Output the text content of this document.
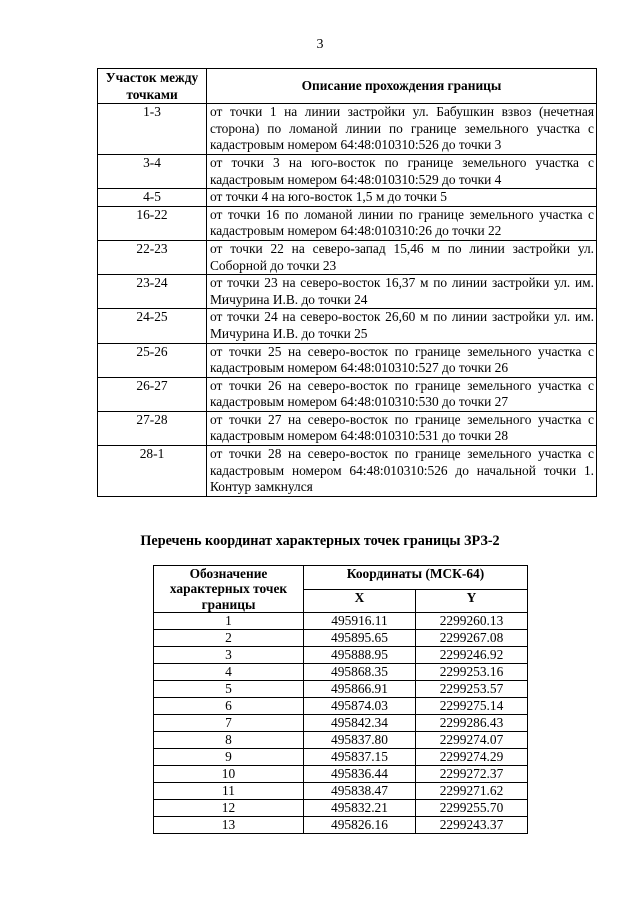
3
Участок между точками	Описание прохождения границы
1-3	от точки 1 на линии застройки ул. Бабушкин взвоз (нечетная сторона) по ломаной линии по границе земельного участка с кадастровым номером 64:48:010310:526 до точки 3
3-4	от точки 3 на юго-восток по границе земельного участка с кадастровым номером 64:48:010310:529 до точки 4
4-5	от точки 4 на юго-восток 1,5 м до точки 5
16-22	от точки 16 по ломаной линии по границе земельного участка с кадастровым номером 64:48:010310:26 до точки 22
22-23	от точки 22 на северо-запад 15,46 м по линии застройки ул. Соборной до точки 23
23-24	от точки 23 на северо-восток 16,37 м по линии застройки ул. им. Мичурина И.В. до точки 24
24-25	от точки 24 на северо-восток 26,60 м по линии застройки ул. им. Мичурина И.В. до точки 25
25-26	от точки 25 на северо-восток по границе земельного участка с кадастровым номером 64:48:010310:527 до точки 26
26-27	от точки 26 на северо-восток по границе земельного участка с кадастровым номером 64:48:010310:530 до точки 27
27-28	от точки 27 на северо-восток по границе земельного участка с кадастровым номером 64:48:010310:531 до точки 28
28-1	от точки 28 на северо-восток по границе земельного участка с кадастровым номером 64:48:010310:526 до начальной точки 1. Контур замкнулся
Перечень координат характерных точек границы ЗРЗ-2
Обозначение характерных точек границы	Координаты (МСК-64)	
	X	Y
1	495916.11	2299260.13
2	495895.65	2299267.08
3	495888.95	2299246.92
4	495868.35	2299253.16
5	495866.91	2299253.57
6	495874.03	2299275.14
7	495842.34	2299286.43
8	495837.80	2299274.07
9	495837.15	2299274.29
10	495836.44	2299272.37
11	495838.47	2299271.62
12	495832.21	2299255.70
13	495826.16	2299243.37
